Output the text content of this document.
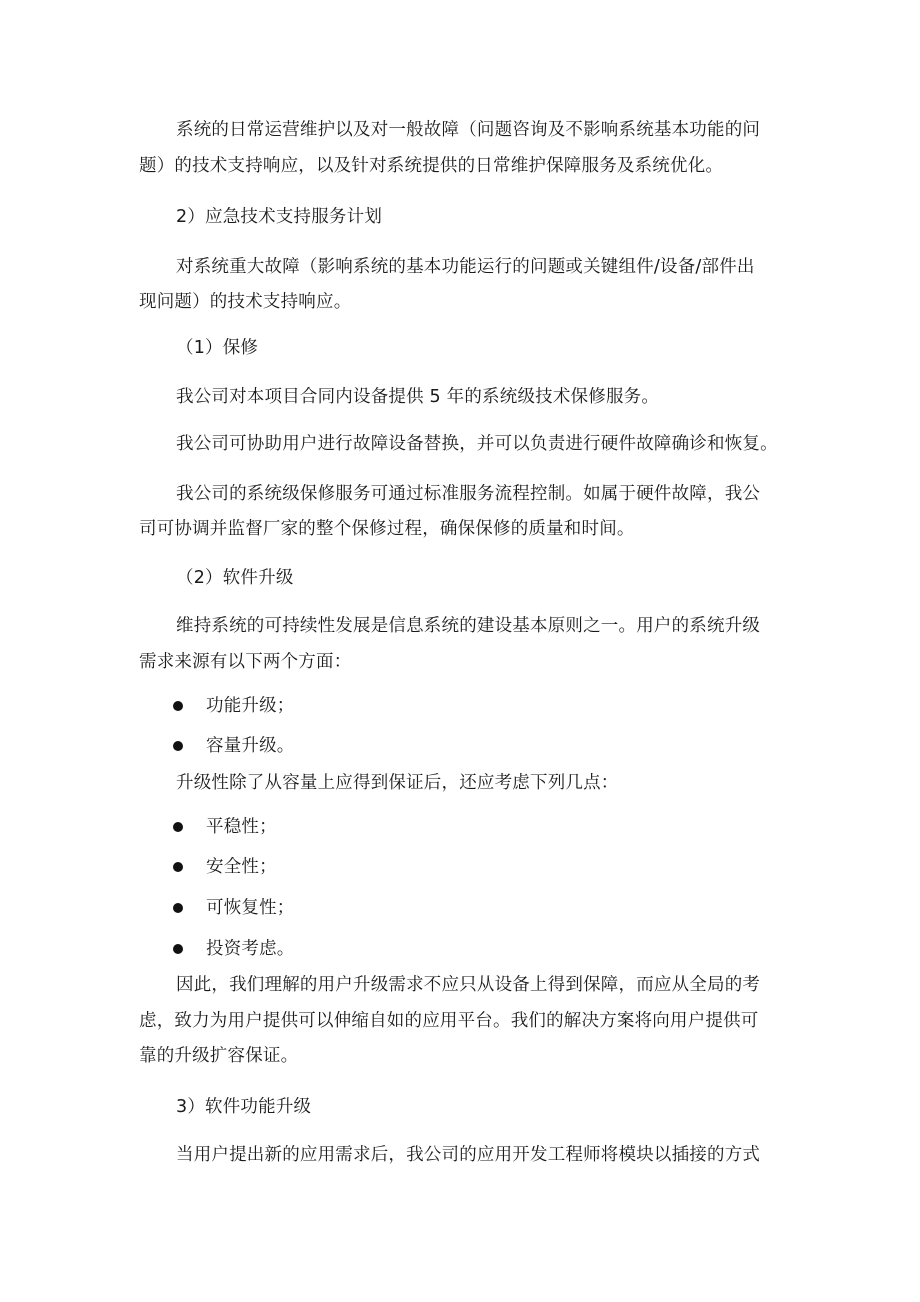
系统的日常运营维护以及对一般故障（问题咨询及不影响系统基本功能的问
题）的技术支持响应，以及针对系统提供的日常维护保障服务及系统优化。
2）应急技术支持服务计划
对系统重大故障（影响系统的基本功能运行的问题或关键组件/设备/部件出
现问题）的技术支持响应。
（1）保修
我公司对本项目合同内设备提供 5 年的系统级技术保修服务。
我公司可协助用户进行故障设备替换，并可以负责进行硬件故障确诊和恢复。
我公司的系统级保修服务可通过标准服务流程控制。如属于硬件故障，我公
司可协调并监督厂家的整个保修过程，确保保修的质量和时间。
（2）软件升级
维持系统的可持续性发展是信息系统的建设基本原则之一。用户的系统升级
需求来源有以下两个方面：
功能升级；
容量升级。
升级性除了从容量上应得到保证后，还应考虑下列几点：
平稳性；
安全性；
可恢复性；
投资考虑。
因此，我们理解的用户升级需求不应只从设备上得到保障，而应从全局的考
虑，致力为用户提供可以伸缩自如的应用平台。我们的解决方案将向用户提供可
靠的升级扩容保证。
3）软件功能升级
当用户提出新的应用需求后，我公司的应用开发工程师将模块以插接的方式
